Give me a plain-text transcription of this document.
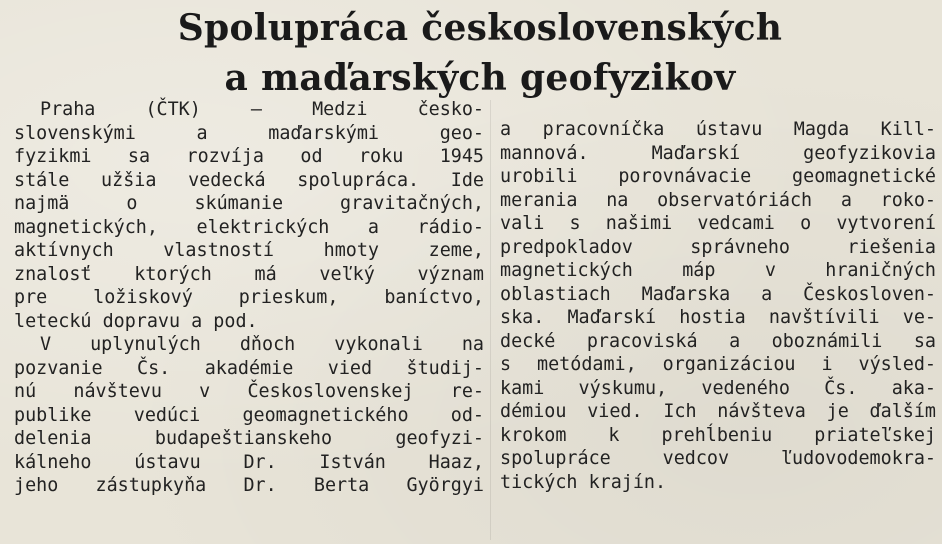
Spolupráca československých
a maďarských geofyzikov
Praha (ČTK) — Medzi česko-
slovenskými a maďarskými geo-
fyzikmi sa rozvíja od roku 1945
stále užšia vedecká spolupráca. Ide
najmä o skúmanie gravitačných,
magnetických, elektrických a rádio-
aktívnych vlastností hmoty zeme,
znalosť ktorých má veľký význam
pre ložiskový prieskum, baníctvo,
leteckú dopravu a pod.
V uplynulých dňoch vykonali na
pozvanie Čs. akadémie vied študij-
nú návštevu v Československej re-
publike vedúci geomagnetického od-
delenia budapeštianskeho geofyzi-
kálneho ústavu Dr. István Haaz,
jeho zástupkyňa Dr. Berta Györgyi
a pracovníčka ústavu Magda Kill-
mannová. Maďarskí geofyzikovia
urobili porovnávacie geomagnetické
merania na observatóriách a roko-
vali s našimi vedcami o vytvorení
predpokladov správneho riešenia
magnetických máp v hraničných
oblastiach Maďarska a Českosloven-
ska. Maďarskí hostia navštívili ve-
decké pracoviská a oboznámili sa
s metódami, organizáciou i výsled-
kami výskumu, vedeného Čs. aka-
démiou vied. Ich návšteva je ďalším
krokom k prehĺbeniu priateľskej
spolupráce vedcov ľudovodemokra-
tických krajín.
